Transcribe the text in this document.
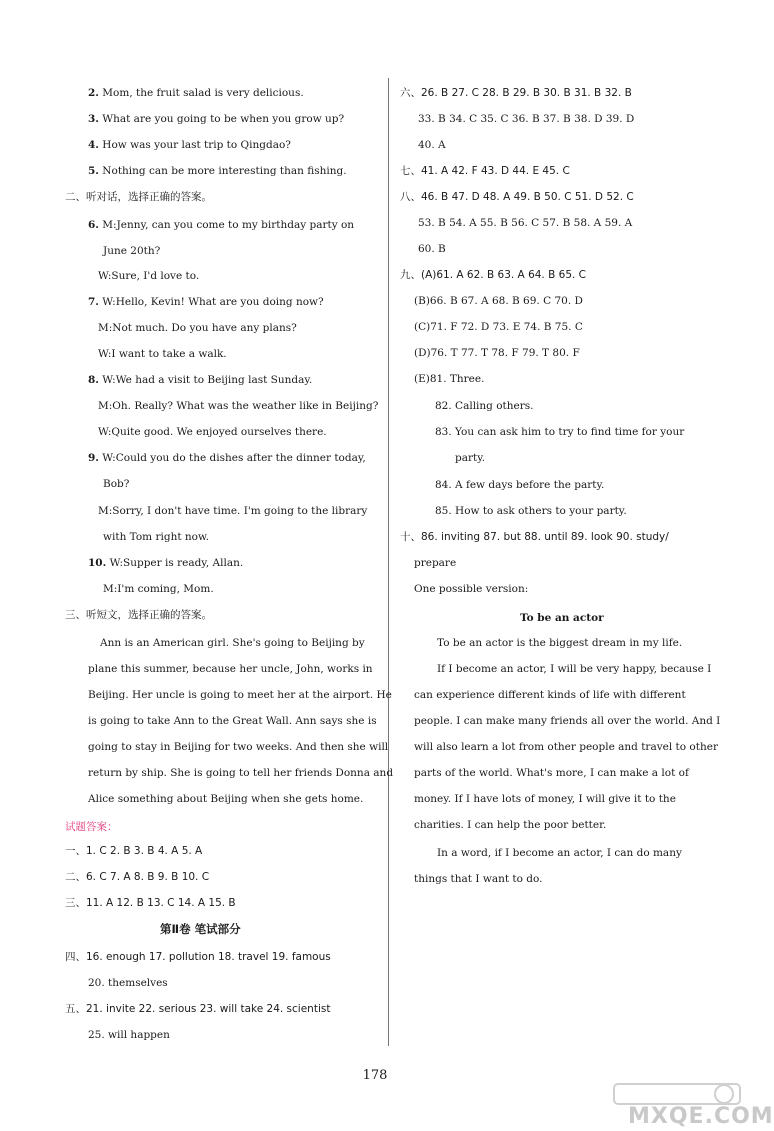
第Ⅱ卷 笔试部分
178
MXQE.COM
2. Mom, the fruit salad is very delicious.
3. What are you going to be when you grow up?
4. How was your last trip to Qingdao?
5. Nothing can be more interesting than fishing.
二、听对话，选择正确的答案。
6. M:Jenny, can you come to my birthday party on
June 20th?
W:Sure, I'd love to.
7. W:Hello, Kevin! What are you doing now?
M:Not much. Do you have any plans?
W:I want to take a walk.
8. W:We had a visit to Beijing last Sunday.
M:Oh. Really? What was the weather like in Beijing?
W:Quite good. We enjoyed ourselves there.
9. W:Could you do the dishes after the dinner today,
Bob?
M:Sorry, I don't have time. I'm going to the library
with Tom right now.
10. W:Supper is ready, Allan.
M:I'm coming, Mom.
三、听短文，选择正确的答案。
Ann is an American girl. She's going to Beijing by
plane this summer, because her uncle, John, works in
Beijing. Her uncle is going to meet her at the airport. He
is going to take Ann to the Great Wall. Ann says she is
going to stay in Beijing for two weeks. And then she will
return by ship. She is going to tell her friends Donna and
Alice something about Beijing when she gets home.
试题答案：
一、1. C 2. B 3. B 4. A 5. A
二、6. C 7. A 8. B 9. B 10. C
三、11. A 12. B 13. C 14. A 15. B
四、16. enough 17. pollution 18. travel 19. famous
20. themselves
五、21. invite 22. serious 23. will take 24. scientist
25. will happen
六、26. B 27. C 28. B 29. B 30. B 31. B 32. B
33. B 34. C 35. C 36. B 37. B 38. D 39. D
40. A
七、41. A 42. F 43. D 44. E 45. C
八、46. B 47. D 48. A 49. B 50. C 51. D 52. C
53. B 54. A 55. B 56. C 57. B 58. A 59. A
60. B
九、(A)61. A 62. B 63. A 64. B 65. C
(B)66. B 67. A 68. B 69. C 70. D
(C)71. F 72. D 73. E 74. B 75. C
(D)76. T 77. T 78. F 79. T 80. F
(E)81. Three.
82. Calling others.
83. You can ask him to try to find time for your
party.
84. A few days before the party.
85. How to ask others to your party.
十、86. inviting 87. but 88. until 89. look 90. study/
prepare
One possible version:
To be an actor
To be an actor is the biggest dream in my life.
If I become an actor, I will be very happy, because I
can experience different kinds of life with different
people. I can make many friends all over the world. And I
will also learn a lot from other people and travel to other
parts of the world. What's more, I can make a lot of
money. If I have lots of money, I will give it to the
charities. I can help the poor better.
In a word, if I become an actor, I can do many
things that I want to do.
